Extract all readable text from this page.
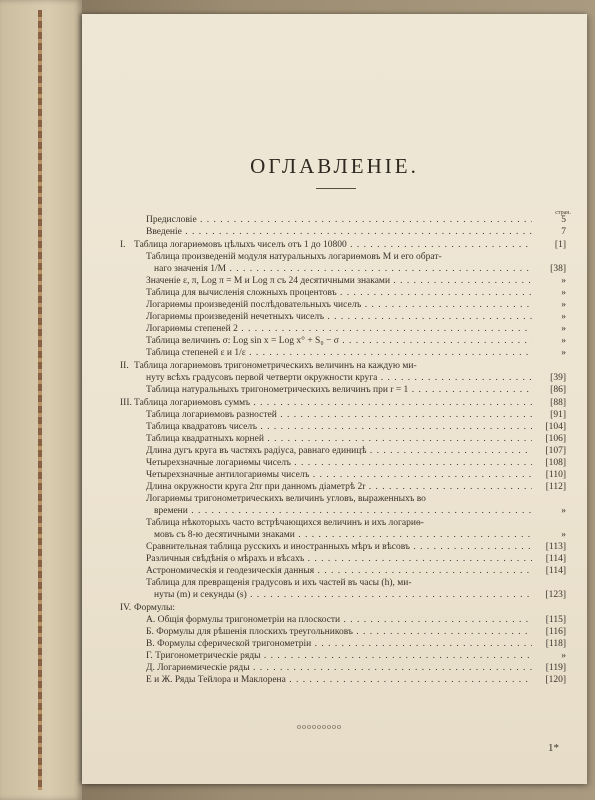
ОГЛАВЛЕНІЕ.
стран.
Предисловіе . . .	5
Введеніе . . .	7
I. Таблица логариѳмовъ цѣлыхъ чиселъ отъ 1 до 10800 . . .	[1]
Таблица произведеній модуля натуральныхъ логариѳмовъ M и его обрат-
наго значенія 1/M . . .	[38]
Значеніе ε, π, Log π = M и Log π съ 24 десятичными знаками . . .	»
Таблица для вычисленія сложныхъ процентовъ . . .	»
Логариѳмы произведеній послѣдовательныхъ чиселъ . . .	»
Логариѳмы произведеній нечетныхъ чиселъ . . .	»
Логариѳмы степеней 2 . . .	»
Таблица величинъ σ: Log sin x = Log x° + S₀ − σ . . .	»
Таблица степеней ε и 1/ε . . .	»
II. Таблица логариѳмовъ тригонометрическихъ величинъ на каждую ми-
нуту всѣхъ градусовъ первой четверти окружности круга . . .	[39]
Таблица натуральныхъ тригонометрическихъ величинъ при r = 1 . . .	[86]
III. Таблица логариѳмовъ суммъ . . .	[88]
Таблица логариѳмовъ разностей . . .	[91]
Таблица квадратовъ чиселъ . . .	[104]
Таблица квадратныхъ корней . . .	[106]
Длина дугъ круга въ частяхъ радіуса, равнаго единицѣ . . .	[107]
Четырехзначные логариѳмы чиселъ . . .	[108]
Четырехзначные антилогариѳмы чиселъ . . .	[110]
Длина окружности круга 2πr при данномъ діаметрѣ 2r . . .	[112]
Логариѳмы тригонометрическихъ величинъ угловъ, выраженныхъ во
времени . . .	»
Таблица нѣкоторыхъ часто встрѣчающихся величинъ и ихъ логариѳ-
мовъ съ 8-ю десятичными знаками . . .	»
Сравнительная таблица русскихъ и иностранныхъ мѣръ и вѣсовъ . . .	[113]
Различныя свѣдѣнія о мѣрахъ и вѣсахъ . . .	[114]
Астрономическія и геодезическія данныя . . .	[114]
Таблица для превращенія градусовъ и ихъ частей въ часы (h), ми-
нуты (m) и секунды (s) . . .	[123]
IV. Формулы:
А. Общія формулы тригонометріи на плоскости . . .	[115]
Б. Формулы для рѣшенія плоскихъ треугольниковъ . . .	[116]
В. Формулы сферической тригонометріи . . .	[118]
Г. Тригонометрическіе ряды . . .	»
Д. Логариѳмическіе ряды . . .	[119]
Е и Ж. Ряды Тейлора и Маклорена . . .	[120]
ооооооооо
1*
